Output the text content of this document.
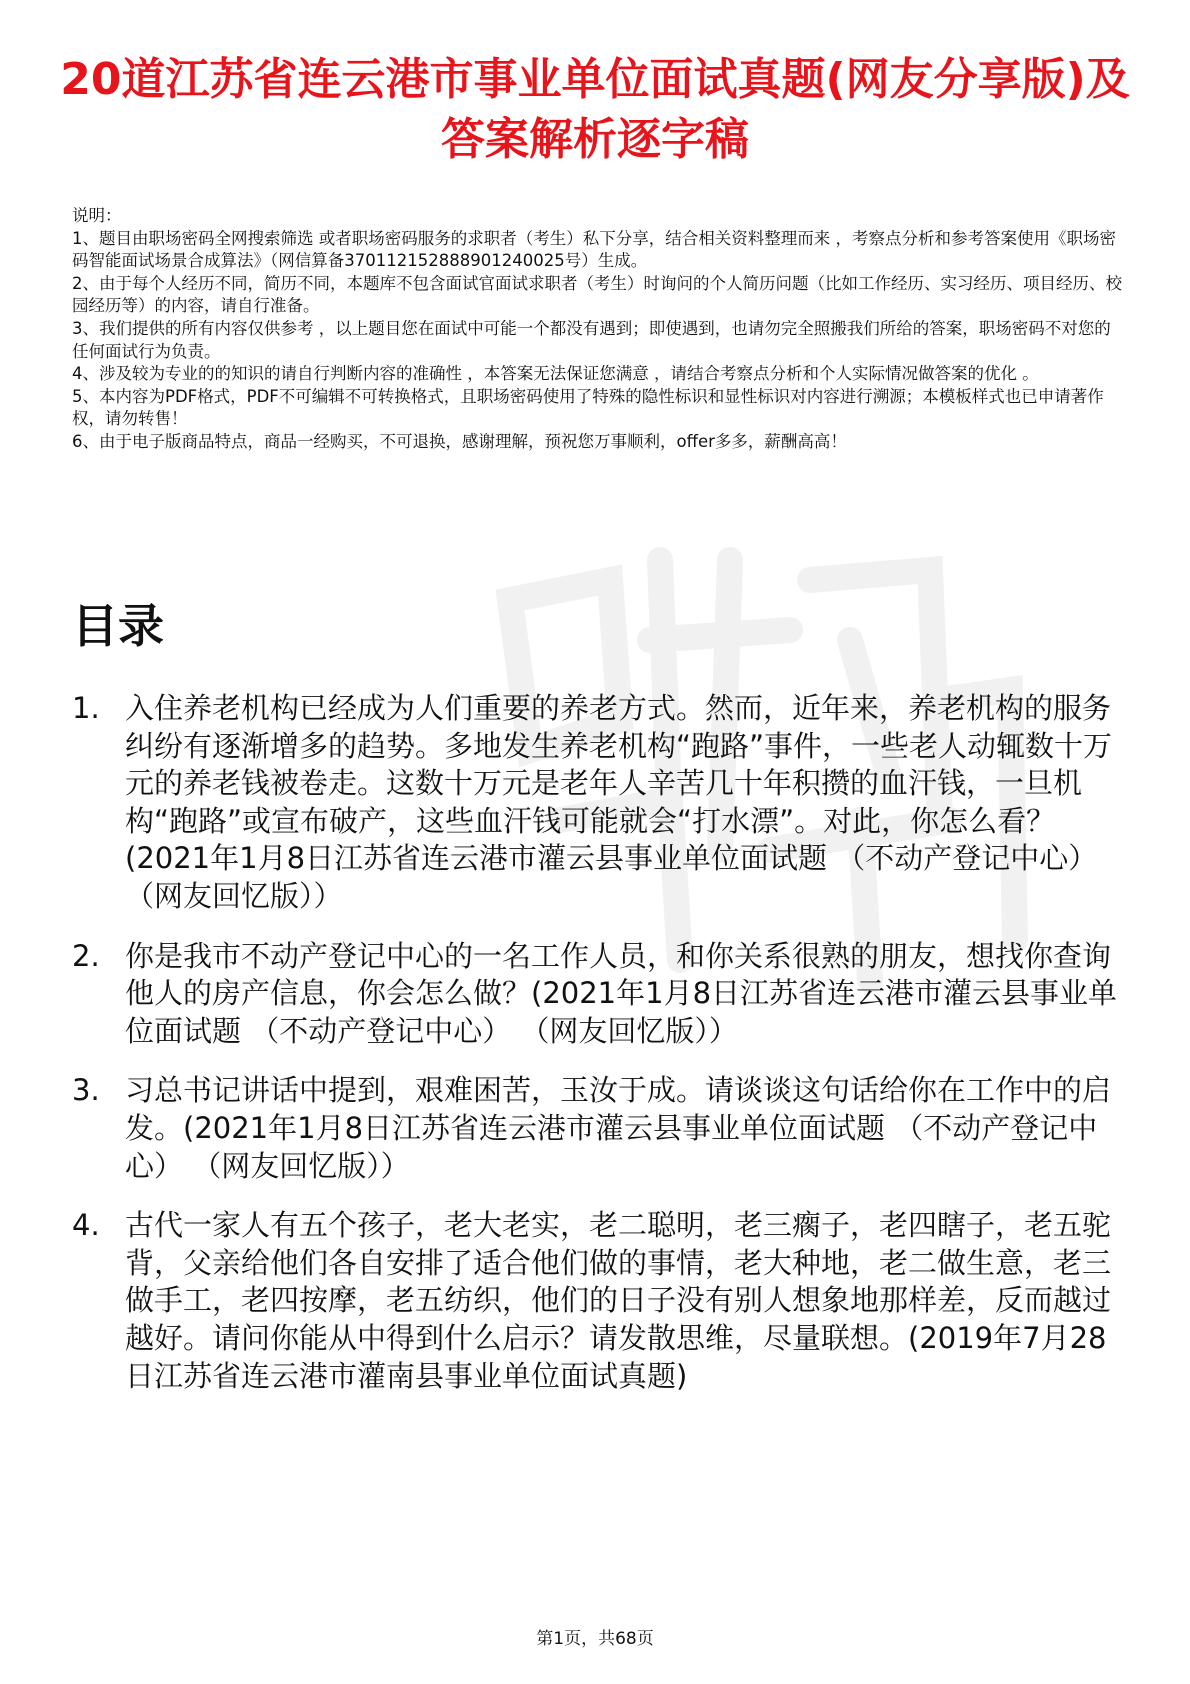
20道江苏省连云港市事业单位面试真题(网友分享版)及答案解析逐字稿

说明：

1、题目由职场密码全网搜索筛选 或者职场密码服务的求职者（考生）私下分享，结合相关资料整理而来 ，考察点分析和参考答案使用《职场密码智能面试场景合成算法》（网信算备370112152888901240025号）生成。

2、由于每个人经历不同，简历不同，本题库不包含面试官面试求职者（考生）时询问的个人简历问题（比如工作经历、实习经历、项目经历、校园经历等）的内容，请自行准备。

3、我们提供的所有内容仅供参考 ，以上题目您在面试中可能一个都没有遇到；即使遇到，也请勿完全照搬我们所给的答案，职场密码不对您的任何面试行为负责。

4、涉及较为专业的的知识的请自行判断内容的准确性 ，本答案无法保证您满意 ，请结合考察点分析和个人实际情况做答案的优化 。

5、本内容为PDF格式，PDF不可编辑不可转换格式，且职场密码使用了特殊的隐性标识和显性标识对内容进行溯源；本模板样式也已申请著作权，请勿转售！

6、由于电子版商品特点，商品一经购买，不可退换，感谢理解，预祝您万事顺利，offer多多，薪酬高高！

目录
1. 入住养老机构已经成为人们重要的养老方式。然而，近年来，养老机构的服务纠纷有逐渐增多的趋势。多地发生养老机构“跑路”事件，一些老人动辄数十万元的养老钱被卷走。这数十万元是老年人辛苦几十年积攒的血汗钱，一旦机构“跑路”或宣布破产，这些血汗钱可能就会“打水漂”。对此，你怎么看？(2021年1月8日江苏省连云港市灌云县事业单位面试题 （不动产登记中心） （网友回忆版））
2. 你是我市不动产登记中心的一名工作人员，和你关系很熟的朋友，想找你查询他人的房产信息，你会怎么做？(2021年1月8日江苏省连云港市灌云县事业单位面试题 （不动产登记中心） （网友回忆版））
3. 习总书记讲话中提到，艰难困苦，玉汝于成。请谈谈这句话给你在工作中的启发。(2021年1月8日江苏省连云港市灌云县事业单位面试题 （不动产登记中心） （网友回忆版））
4. 古代一家人有五个孩子，老大老实，老二聪明，老三瘸子，老四瞎子，老五驼背，父亲给他们各自安排了适合他们做的事情，老大种地，老二做生意，老三做手工，老四按摩，老五纺织，他们的日子没有别人想象地那样差，反而越过越好。请问你能从中得到什么启示？请发散思维，尽量联想。(2019年7月28日江苏省连云港市灌南县事业单位面试真题)
第1页，共68页
